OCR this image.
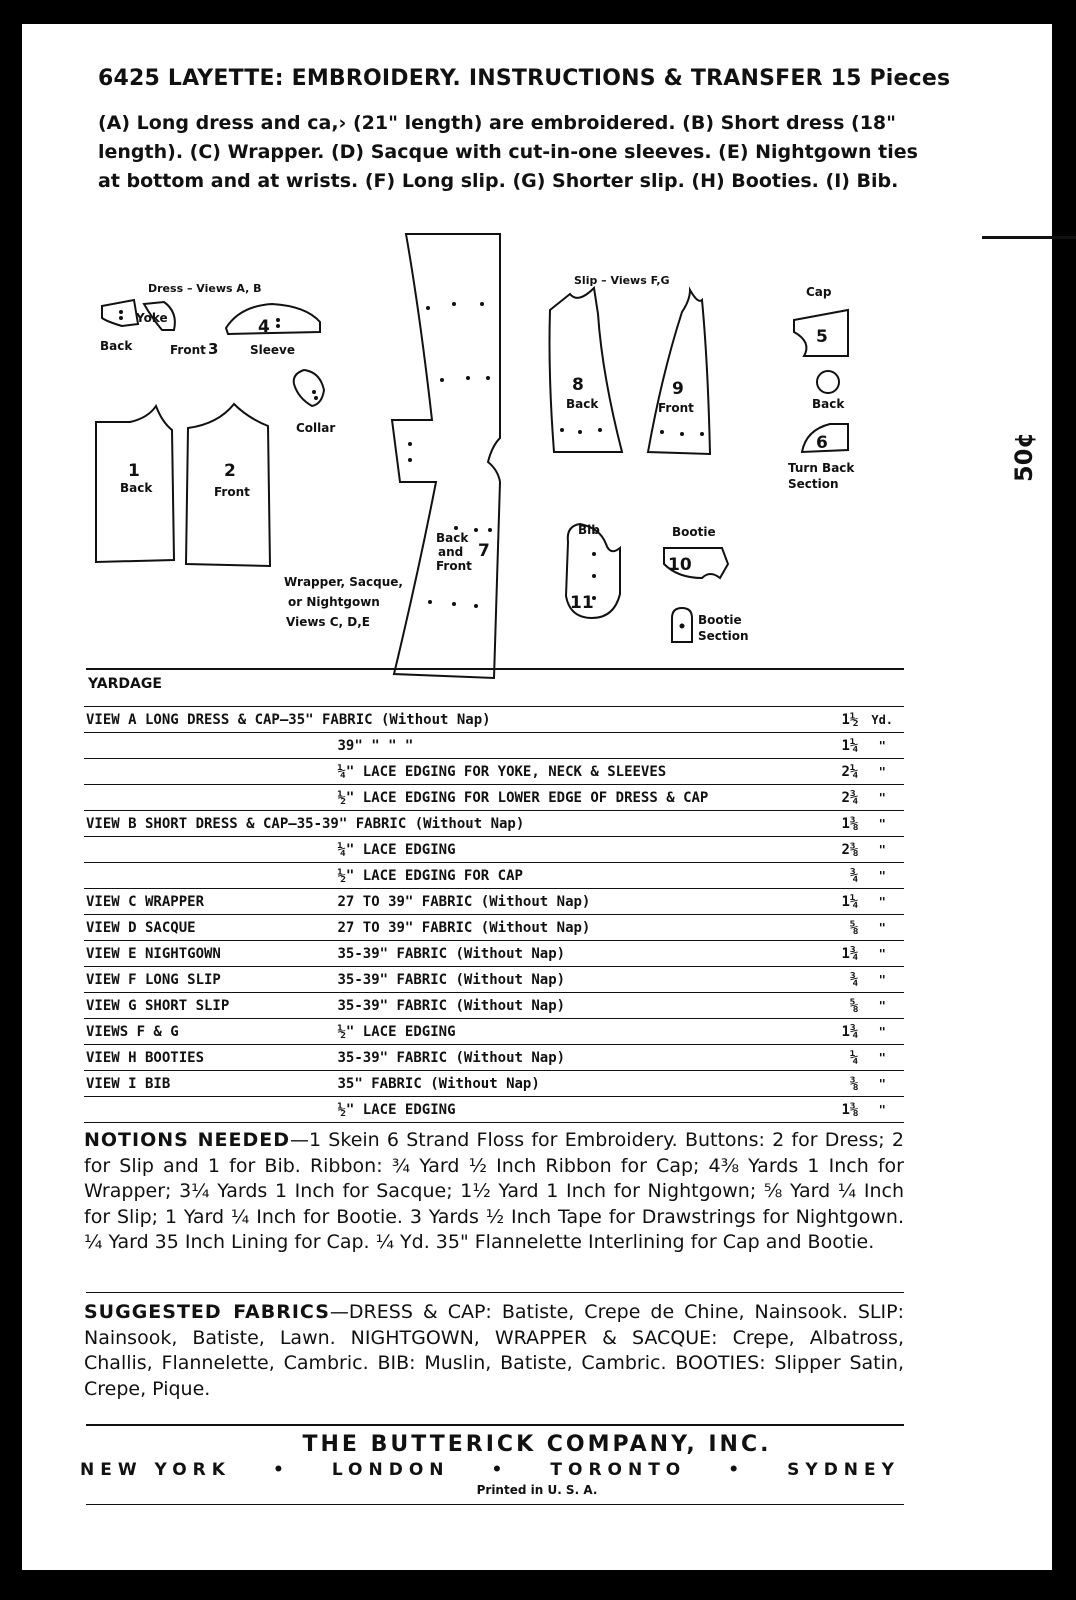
6425 LAYETTE: EMBROIDERY. INSTRUCTIONS & TRANSFER 15 Pieces
(A) Long dress and ca,› (21" length) are embroidered. (B) Short dress (18"
length). (C) Wrapper. (D) Sacque with cut-in-one sleeves. (E) Nightgown ties
at bottom and at wrists. (F) Long slip. (G) Shorter slip. (H) Booties. (I) Bib.
50¢
Dress – Views A, B
Yoke
Back	Front 3
4
Sleeve
Collar
1
Back
2
Front
Back
and
Front
7
Wrapper, Sacque,
or Nightgown
Views C, D,E
Slip – Views F,G
8
Back
9
Front
Cap
5
Back
6
Turn Back
Section
Bib
11
Bootie
10
Bootie
Section
YARDAGE
VIEW A LONG DRESS & CAP—35" FABRIC (Without Nap)		1½	Yd.
	39" " " "	1¼	"
	¼" LACE EDGING FOR YOKE, NECK & SLEEVES	2¼	"
	½" LACE EDGING FOR LOWER EDGE OF DRESS & CAP	2¾	"
VIEW B SHORT DRESS & CAP—35-39" FABRIC (Without Nap)		1⅜	"
	¼" LACE EDGING	2⅜	"
	½" LACE EDGING FOR CAP	¾	"
VIEW C WRAPPER	27 TO 39" FABRIC (Without Nap)	1¼	"
VIEW D SACQUE	27 TO 39" FABRIC (Without Nap)	⅝	"
VIEW E NIGHTGOWN	35-39" FABRIC (Without Nap)	1¾	"
VIEW F LONG SLIP	35-39" FABRIC (Without Nap)	¾	"
VIEW G SHORT SLIP	35-39" FABRIC (Without Nap)	⅝	"
VIEWS F & G	½" LACE EDGING	1¾	"
VIEW H BOOTIES	35-39" FABRIC (Without Nap)	¼	"
VIEW I BIB	35" FABRIC (Without Nap)	⅜	"
	½" LACE EDGING	1⅜	"
NOTIONS NEEDED—1 Skein 6 Strand Floss for Embroidery. Buttons: 2 for Dress; 2 for Slip and 1 for Bib. Ribbon: ¾ Yard ½ Inch Ribbon for Cap; 4⅜ Yards 1 Inch for Wrapper; 3¼ Yards 1 Inch for Sacque; 1½ Yard 1 Inch for Nightgown; ⅝ Yard ¼ Inch for Slip; 1 Yard ¼ Inch for Bootie. 3 Yards ½ Inch Tape for Drawstrings for Nightgown. ¼ Yard 35 Inch Lining for Cap. ¼ Yd. 35" Flannelette Interlining for Cap and Bootie.
SUGGESTED FABRICS—DRESS & CAP: Batiste, Crepe de Chine, Nainsook. SLIP: Nainsook, Batiste, Lawn. NIGHTGOWN, WRAPPER & SACQUE: Crepe, Albatross, Challis, Flannelette, Cambric. BIB: Muslin, Batiste, Cambric. BOOTIES: Slipper Satin, Crepe, Pique.
THE BUTTERICK COMPANY, INC.
NEW YORK • LONDON • TORONTO • SYDNEY
Printed in U. S. A.
